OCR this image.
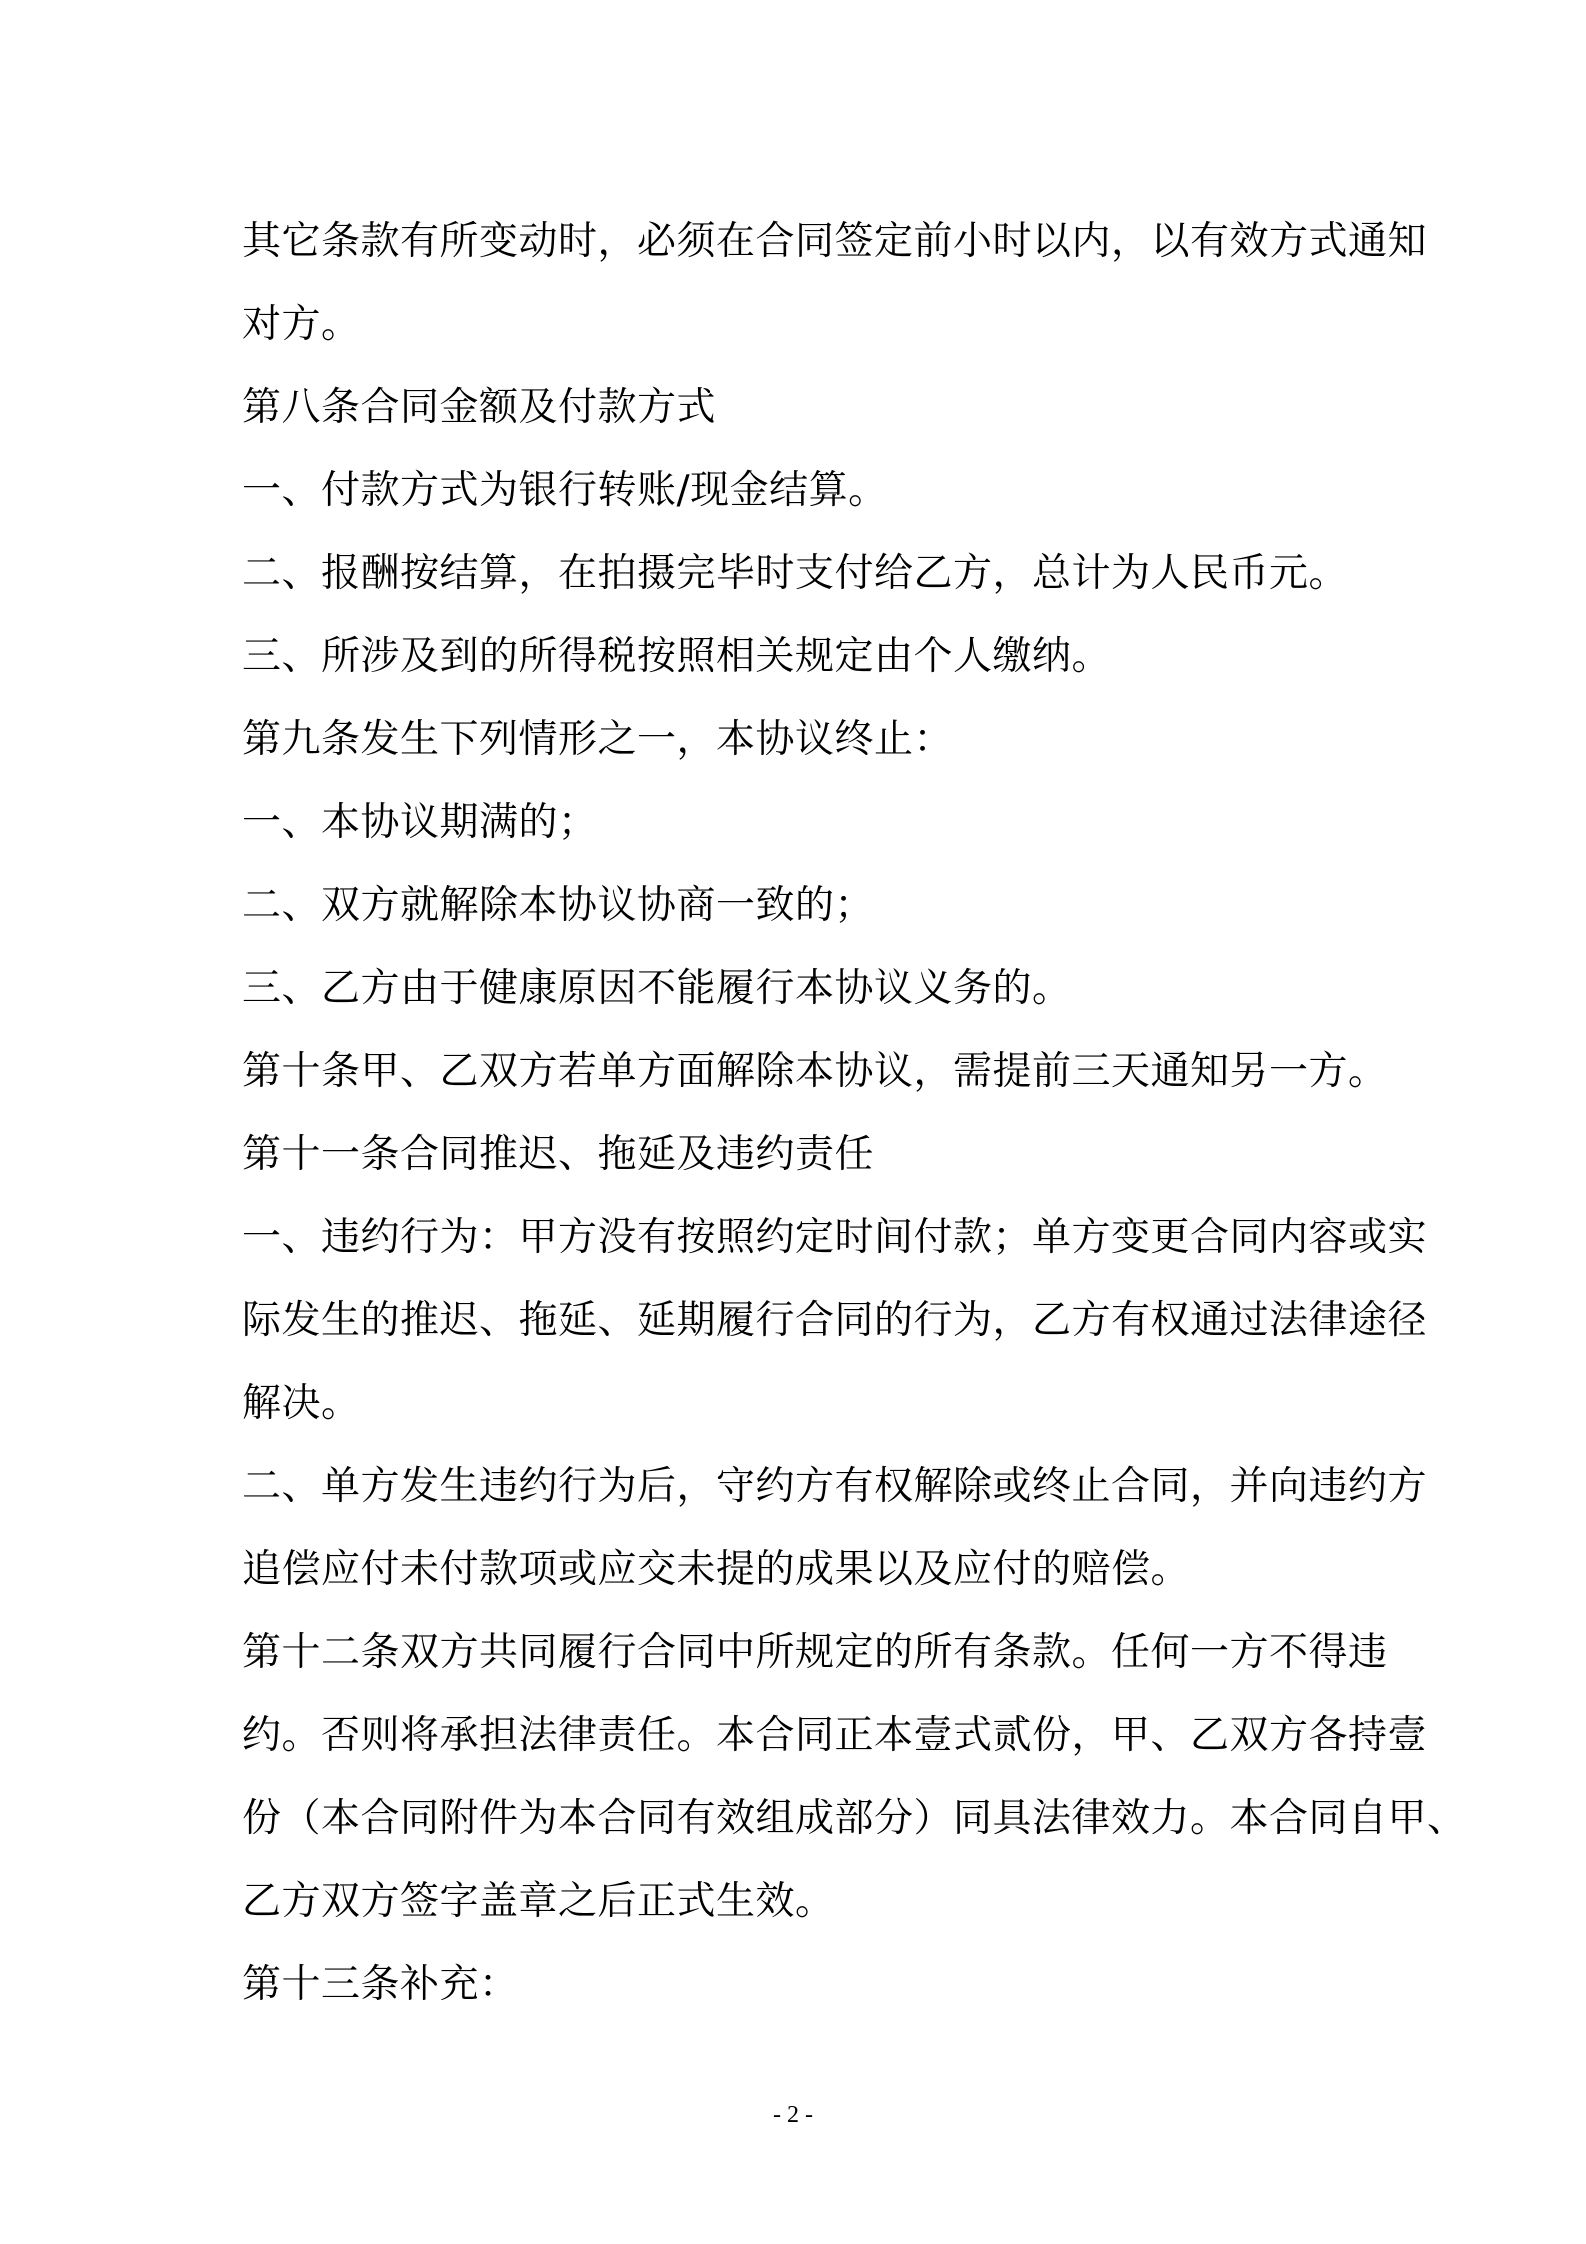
其它条款有所变动时，必须在合同签定前小时以内，以有效方式通知
对方。
第八条合同金额及付款方式
一、付款方式为银行转账/现金结算。
二、报酬按结算，在拍摄完毕时支付给乙方，总计为人民币元。
三、所涉及到的所得税按照相关规定由个人缴纳。
第九条发生下列情形之一，本协议终止：
一、本协议期满的；
二、双方就解除本协议协商一致的；
三、乙方由于健康原因不能履行本协议义务的。
第十条甲、乙双方若单方面解除本协议，需提前三天通知另一方。
第十一条合同推迟、拖延及违约责任
一、违约行为：甲方没有按照约定时间付款；单方变更合同内容或实
际发生的推迟、拖延、延期履行合同的行为，乙方有权通过法律途径
解决。
二、单方发生违约行为后，守约方有权解除或终止合同，并向违约方
追偿应付未付款项或应交未提的成果以及应付的赔偿。
第十二条双方共同履行合同中所规定的所有条款。任何一方不得违
约。否则将承担法律责任。本合同正本壹式贰份，甲、乙双方各持壹
份（本合同附件为本合同有效组成部分）同具法律效力。本合同自甲、
乙方双方签字盖章之后正式生效。
第十三条补充：
- 2 -
